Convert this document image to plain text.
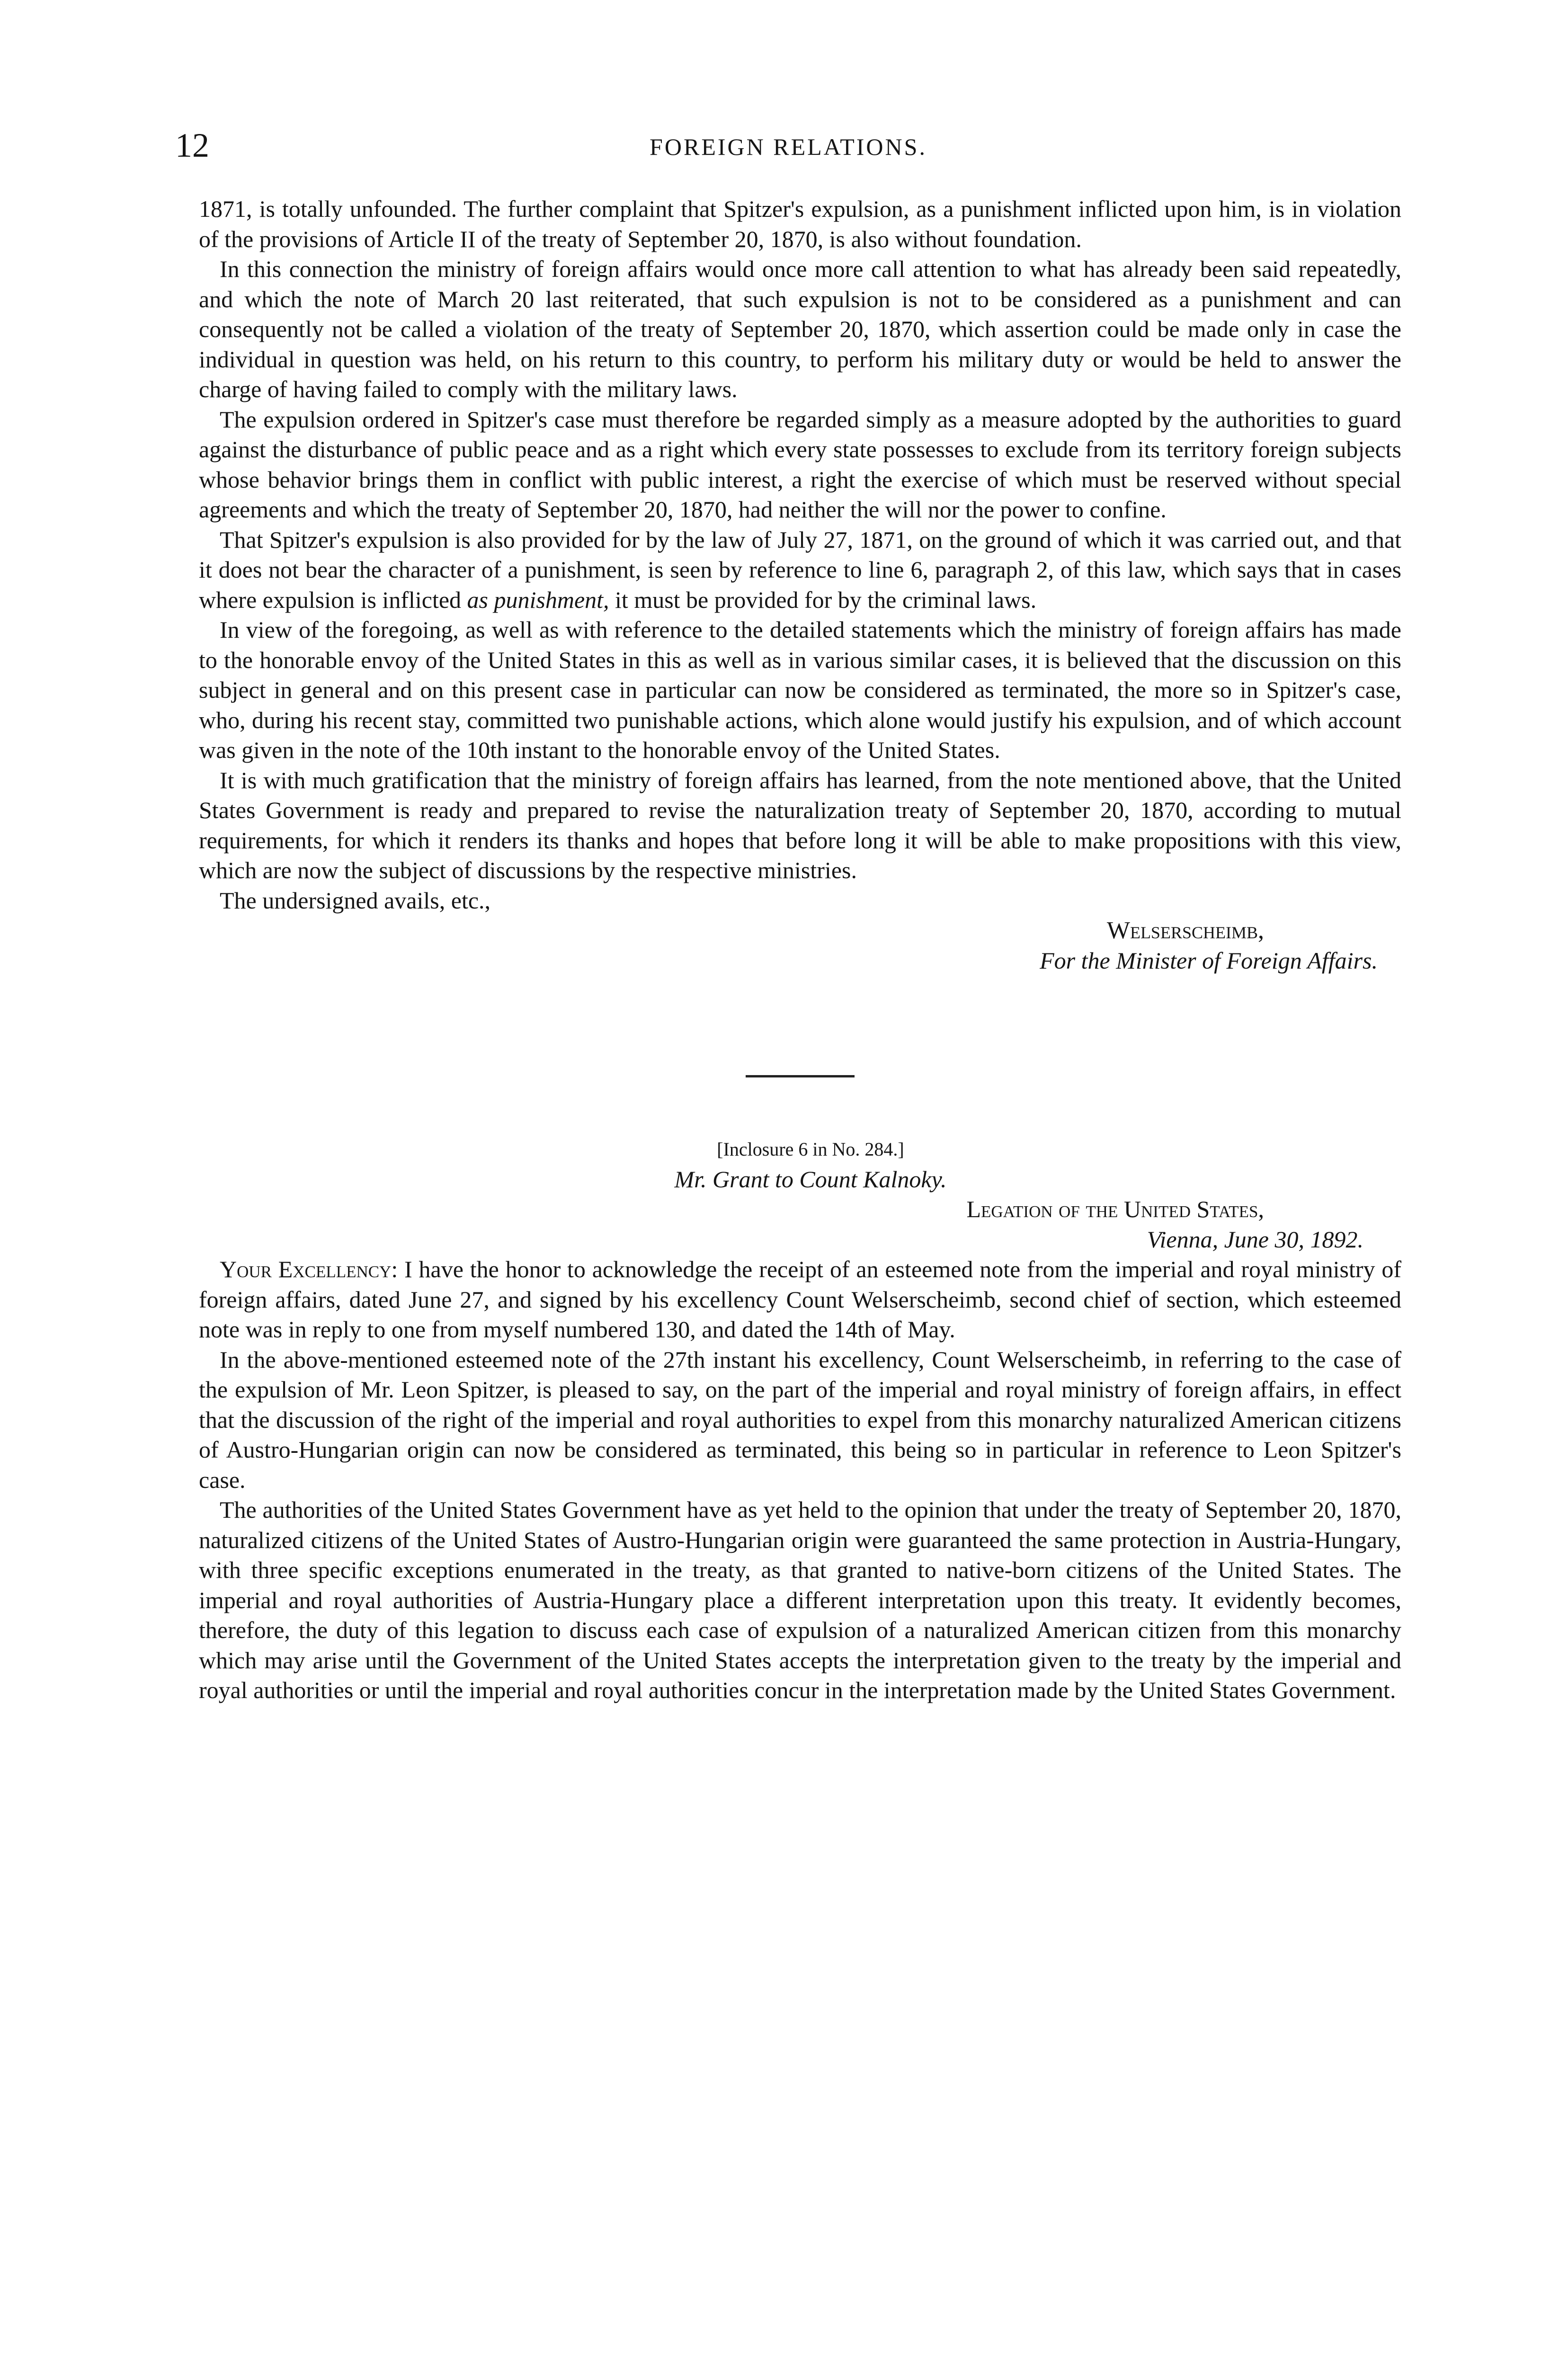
12	FOREIGN RELATIONS.

1871, is totally unfounded. The further complaint that Spitzer's expulsion, as a punishment inflicted upon him, is in violation of the provisions of Article II of the treaty of September 20, 1870, is also without foundation.

In this connection the ministry of foreign affairs would once more call attention to what has already been said repeatedly, and which the note of March 20 last reiterated, that such expulsion is not to be considered as a punishment and can consequently not be called a violation of the treaty of September 20, 1870, which assertion could be made only in case the individual in question was held, on his return to this country, to perform his military duty or would be held to answer the charge of having failed to comply with the military laws.

The expulsion ordered in Spitzer's case must therefore be regarded simply as a measure adopted by the authorities to guard against the disturbance of public peace and as a right which every state possesses to exclude from its territory foreign subjects whose behavior brings them in conflict with public interest, a right the exercise of which must be reserved without special agreements and which the treaty of September 20, 1870, had neither the will nor the power to confine.

That Spitzer's expulsion is also provided for by the law of July 27, 1871, on the ground of which it was carried out, and that it does not bear the character of a punishment, is seen by reference to line 6, paragraph 2, of this law, which says that in cases where expulsion is inflicted as punishment, it must be provided for by the criminal laws.

In view of the foregoing, as well as with reference to the detailed statements which the ministry of foreign affairs has made to the honorable envoy of the United States in this as well as in various similar cases, it is believed that the discussion on this subject in general and on this present case in particular can now be considered as terminated, the more so in Spitzer's case, who, during his recent stay, committed two punishable actions, which alone would justify his expulsion, and of which account was given in the note of the 10th instant to the honorable envoy of the United States.

It is with much gratification that the ministry of foreign affairs has learned, from the note mentioned above, that the United States Government is ready and prepared to revise the naturalization treaty of September 20, 1870, according to mutual requirements, for which it renders its thanks and hopes that before long it will be able to make propositions with this view, which are now the subject of discussions by the respective ministries.

The undersigned avails, etc.,

Welserscheimb,

For the Minister of Foreign Affairs.

[Inclosure 6 in No. 284.]

Mr. Grant to Count Kalnoky.

Legation of the United States,

Vienna, June 30, 1892.

Your Excellency: I have the honor to acknowledge the receipt of an esteemed note from the imperial and royal ministry of foreign affairs, dated June 27, and signed by his excellency Count Welserscheimb, second chief of section, which esteemed note was in reply to one from myself numbered 130, and dated the 14th of May.

In the above-mentioned esteemed note of the 27th instant his excellency, Count Welserscheimb, in referring to the case of the expulsion of Mr. Leon Spitzer, is pleased to say, on the part of the imperial and royal ministry of foreign affairs, in effect that the discussion of the right of the imperial and royal authorities to expel from this monarchy naturalized American citizens of Austro-Hungarian origin can now be considered as terminated, this being so in particular in reference to Leon Spitzer's case.

The authorities of the United States Government have as yet held to the opinion that under the treaty of September 20, 1870, naturalized citizens of the United States of Austro-Hungarian origin were guaranteed the same protection in Austria-Hungary, with three specific exceptions enumerated in the treaty, as that granted to native-born citizens of the United States. The imperial and royal authorities of Austria-Hungary place a different interpretation upon this treaty. It evidently becomes, therefore, the duty of this legation to discuss each case of expulsion of a naturalized American citizen from this monarchy which may arise until the Government of the United States accepts the interpretation given to the treaty by the imperial and royal authorities or until the imperial and royal authorities concur in the interpretation made by the United States Government.
